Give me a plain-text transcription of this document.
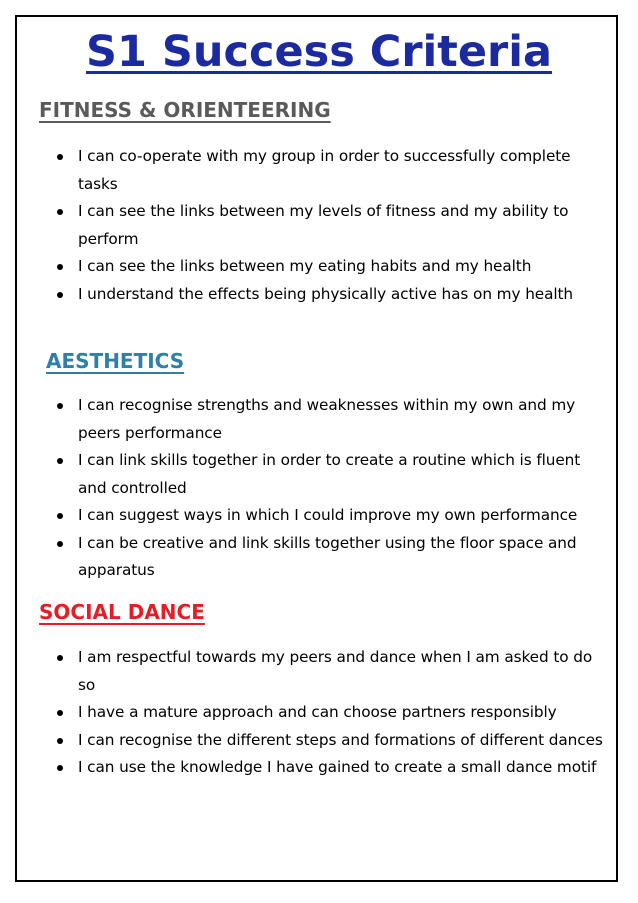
S1 Success Criteria
FITNESS & ORIENTEERING
I can co-operate with my group in order to successfully complete tasks
I can see the links between my levels of fitness and my ability to perform
I can see the links between my eating habits and my health
I understand the effects being physically active has on my health
AESTHETICS
I can recognise strengths and weaknesses within my own and my peers performance
I can link skills together in order to create a routine which is fluent and controlled
I can suggest ways in which I could improve my own performance
I can be creative and link skills together using the floor space and apparatus
SOCIAL DANCE
I am respectful towards my peers and dance when I am asked to do so
I have a mature approach and can choose partners responsibly
I can recognise the different steps and formations of different dances
I can use the knowledge I have gained to create a small dance motif
